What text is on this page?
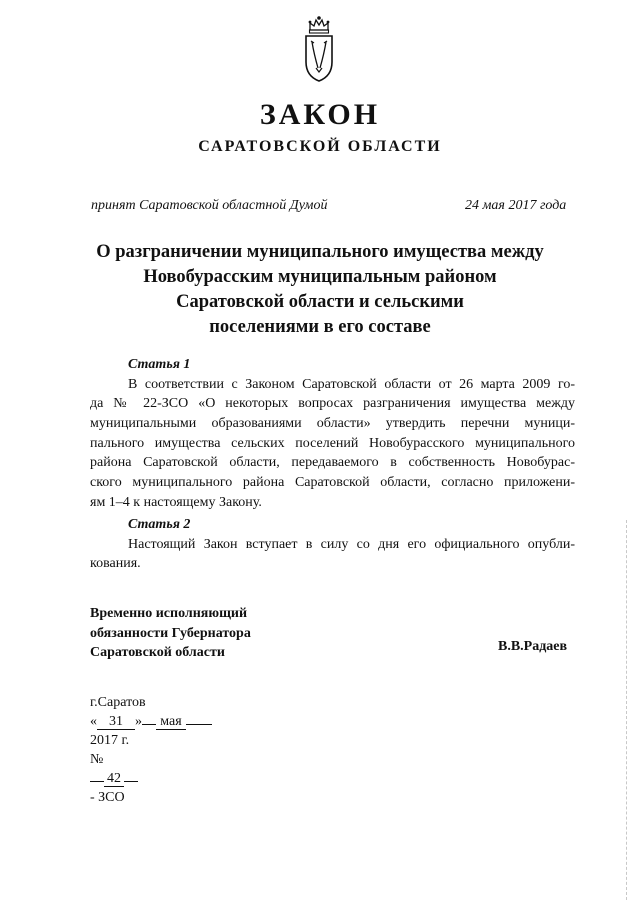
ЗАКОН
САРАТОВСКОЙ ОБЛАСТИ
принят Саратовской областной Думой	24 мая 2017 года
О разграничении муниципального имущества между
Новобурасским муниципальным районом
Саратовской области и сельскими
поселениями в его составе
Статья 1
В соответствии с Законом Саратовской области от 26 марта 2009 го-
да № 22-ЗСО «О некоторых вопросах разграничения имущества между
муниципальными образованиями области» утвердить перечни муници-
пального имущества сельских поселений Новобурасского муниципального
района Саратовской области, передаваемого в собственность Новобурас-
ского муниципального района Саратовской области, согласно приложени-
ям 1–4 к настоящему Закону.
Статья 2
Настоящий Закон вступает в силу со дня его официального опубли-
кования.
Временно исполняющий
обязанности Губернатора
Саратовской области	В.В.Радаев
г.Саратов
« 31 » мая
2017 г.
№
42
- ЗСО
